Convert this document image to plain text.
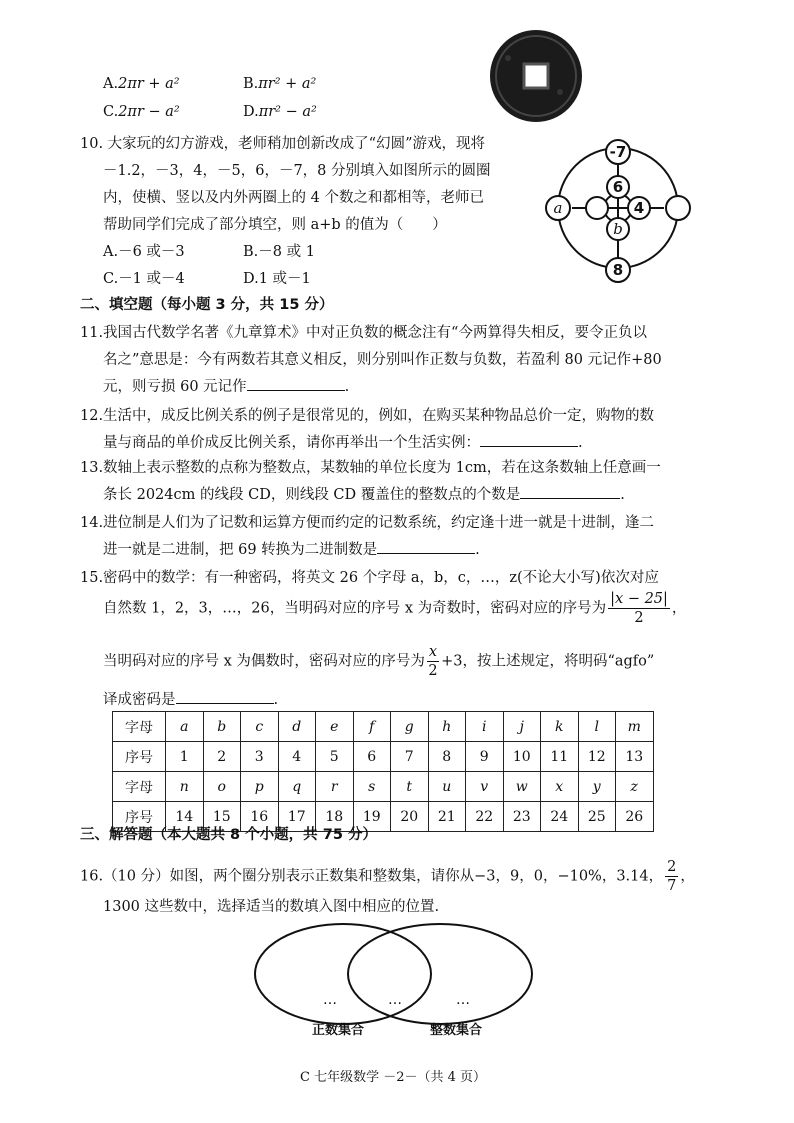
A.2πr + a²	B.πr² + a²
C.2πr − a²	D.πr² − a²
10. 大家玩的幻方游戏，老师稍加创新改成了“幻圆”游戏，现将
－1.2，－3，4，－5，6，－7，8 分别填入如图所示的圆圈
内，使横、竖以及内外两圈上的 4 个数之和都相等，老师已
帮助同学们完成了部分填空，则 a+b 的值为（　　）
A.－6 或－3	B.－8 或 1
C.－1 或－4	D.1 或－1
-7
6
4
8
a
b
二、填空题（每小题 3 分，共 15 分）
11.我国古代数学名著《九章算术》中对正负数的概念注有“今两算得失相反，要令正负以
名之”意思是：今有两数若其意义相反，则分别叫作正数与负数，若盈利 80 元记作+80
元，则亏损 60 元记作	.
12.生活中，成反比例关系的例子是很常见的，例如，在购买某种物品总价一定，购物的数
量与商品的单价成反比例关系，请你再举出一个生活实例：	.
13.数轴上表示整数的点称为整数点，某数轴的单位长度为 1cm，若在这条数轴上任意画一
条长 2024cm 的线段 CD，则线段 CD 覆盖住的整数点的个数是	.
14.进位制是人们为了记数和运算方便而约定的记数系统，约定逢十进一就是十进制，逢二
进一就是二进制，把 69 转换为二进制数是	.
15.密码中的数学：有一种密码，将英文 26 个字母 a，b，c，…，z(不论大小写)依次对应
自然数 1，2，3，…，26，当明码对应的序号 x 为奇数时，密码对应的序号为 $\frac{|x - 25|}{2}$ ，
当明码对应的序号 x 为偶数时，密码对应的序号为 $\frac{x}{2} +3$，按上述规定，将明码“agfo”
译成密码是	.
字母	a	b	c	d	e	f	g	h	i	j	k	l	m
序号	1	2	3	4	5	6	7	8	9	10	11	12	13
字母	n	o	p	q	r	s	t	u	v	w	x	y	z
序号	14	15	16	17	18	19	20	21	22	23	24	25	26
三、解答题（本大题共 8 个小题，共 75 分）
16.（10 分）如图，两个圈分别表示正数集和整数集，请你从−3，9，0，−10%，3.14， $\frac{2}{7}$ ，
1300 这些数中，选择适当的数填入图中相应的位置.
…	…	…
正数集合	整数集合
C 七年级数学 －2－（共 4 页）
